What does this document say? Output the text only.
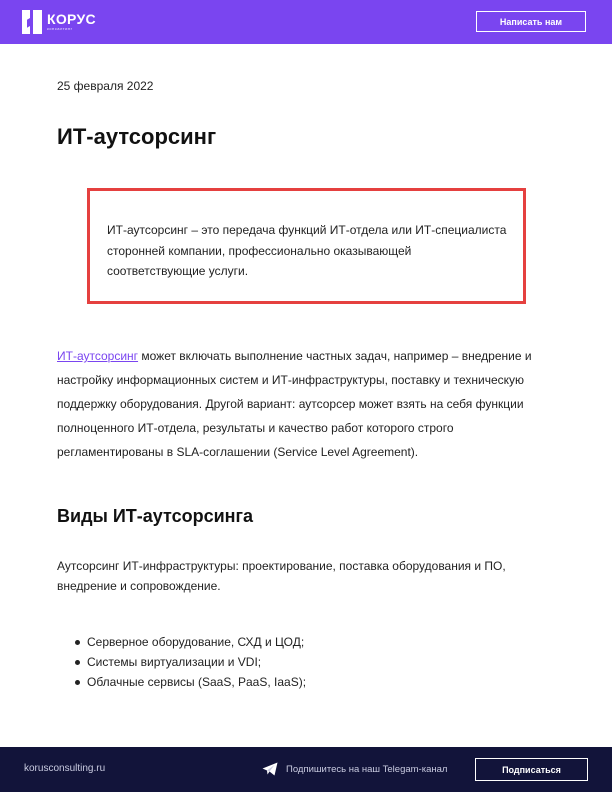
КОРУС
консалтинг
Написать нам
25 февраля 2022
ИТ-аутсорсинг
ИТ-аутсорсинг – это передача функций ИТ-отдела или ИТ-специалиста сторонней компании, профессионально оказывающей соответствующие услуги.
ИТ-аутсорсинг может включать выполнение частных задач, например – внедрение и настройку информационных систем и ИТ-инфраструктуры, поставку и техническую поддержку оборудования. Другой вариант: аутсорсер может взять на себя функции полноценного ИТ-отдела, результаты и качество работ которого строго регламентированы в SLA-соглашении (Service Level Agreement).
Виды ИТ-аутсорсинга
Аутсорсинг ИТ-инфраструктуры: проектирование, поставка оборудования и ПО, внедрение и сопровождение.
Серверное оборудование, СХД и ЦОД;
Системы виртуализации и VDI;
Облачные сервисы (SaaS, PaaS, IaaS);
korusconsulting.ru	Подпишитесь на наш Telegam-канал	Подписаться
